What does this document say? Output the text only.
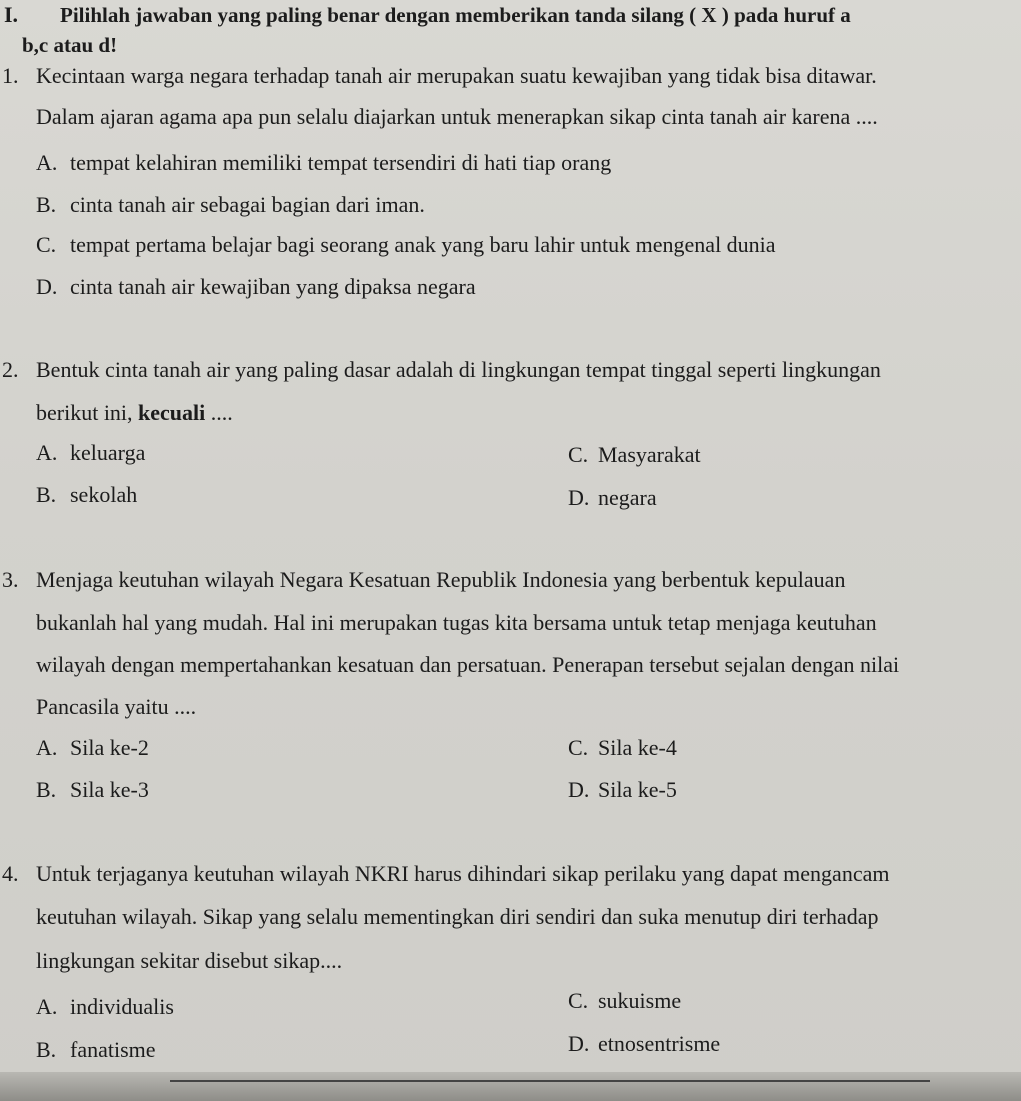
I. Pilihlah jawaban yang paling benar dengan memberikan tanda silang ( X ) pada huruf a
b,c atau d!
1. Kecintaan warga negara terhadap tanah air merupakan suatu kewajiban yang tidak bisa ditawar.
Dalam ajaran agama apa pun selalu diajarkan untuk menerapkan sikap cinta tanah air karena ....
A. tempat kelahiran memiliki tempat tersendiri di hati tiap orang
B. cinta tanah air sebagai bagian dari iman.
C. tempat pertama belajar bagi seorang anak yang baru lahir untuk mengenal dunia
D. cinta tanah air kewajiban yang dipaksa negara
2. Bentuk cinta tanah air yang paling dasar adalah di lingkungan tempat tinggal seperti lingkungan
berikut ini, kecuali ....
A. keluarga
B. sekolah
C. Masyarakat
D. negara
3. Menjaga keutuhan wilayah Negara Kesatuan Republik Indonesia yang berbentuk kepulauan
bukanlah hal yang mudah. Hal ini merupakan tugas kita bersama untuk tetap menjaga keutuhan
wilayah dengan mempertahankan kesatuan dan persatuan. Penerapan tersebut sejalan dengan nilai
Pancasila yaitu ....
A. Sila ke-2
B. Sila ke-3
C. Sila ke-4
D. Sila ke-5
4. Untuk terjaganya keutuhan wilayah NKRI harus dihindari sikap perilaku yang dapat mengancam
keutuhan wilayah. Sikap yang selalu mementingkan diri sendiri dan suka menutup diri terhadap
lingkungan sekitar disebut sikap....
A. individualis
B. fanatisme
C. sukuisme
D. etnosentrisme
